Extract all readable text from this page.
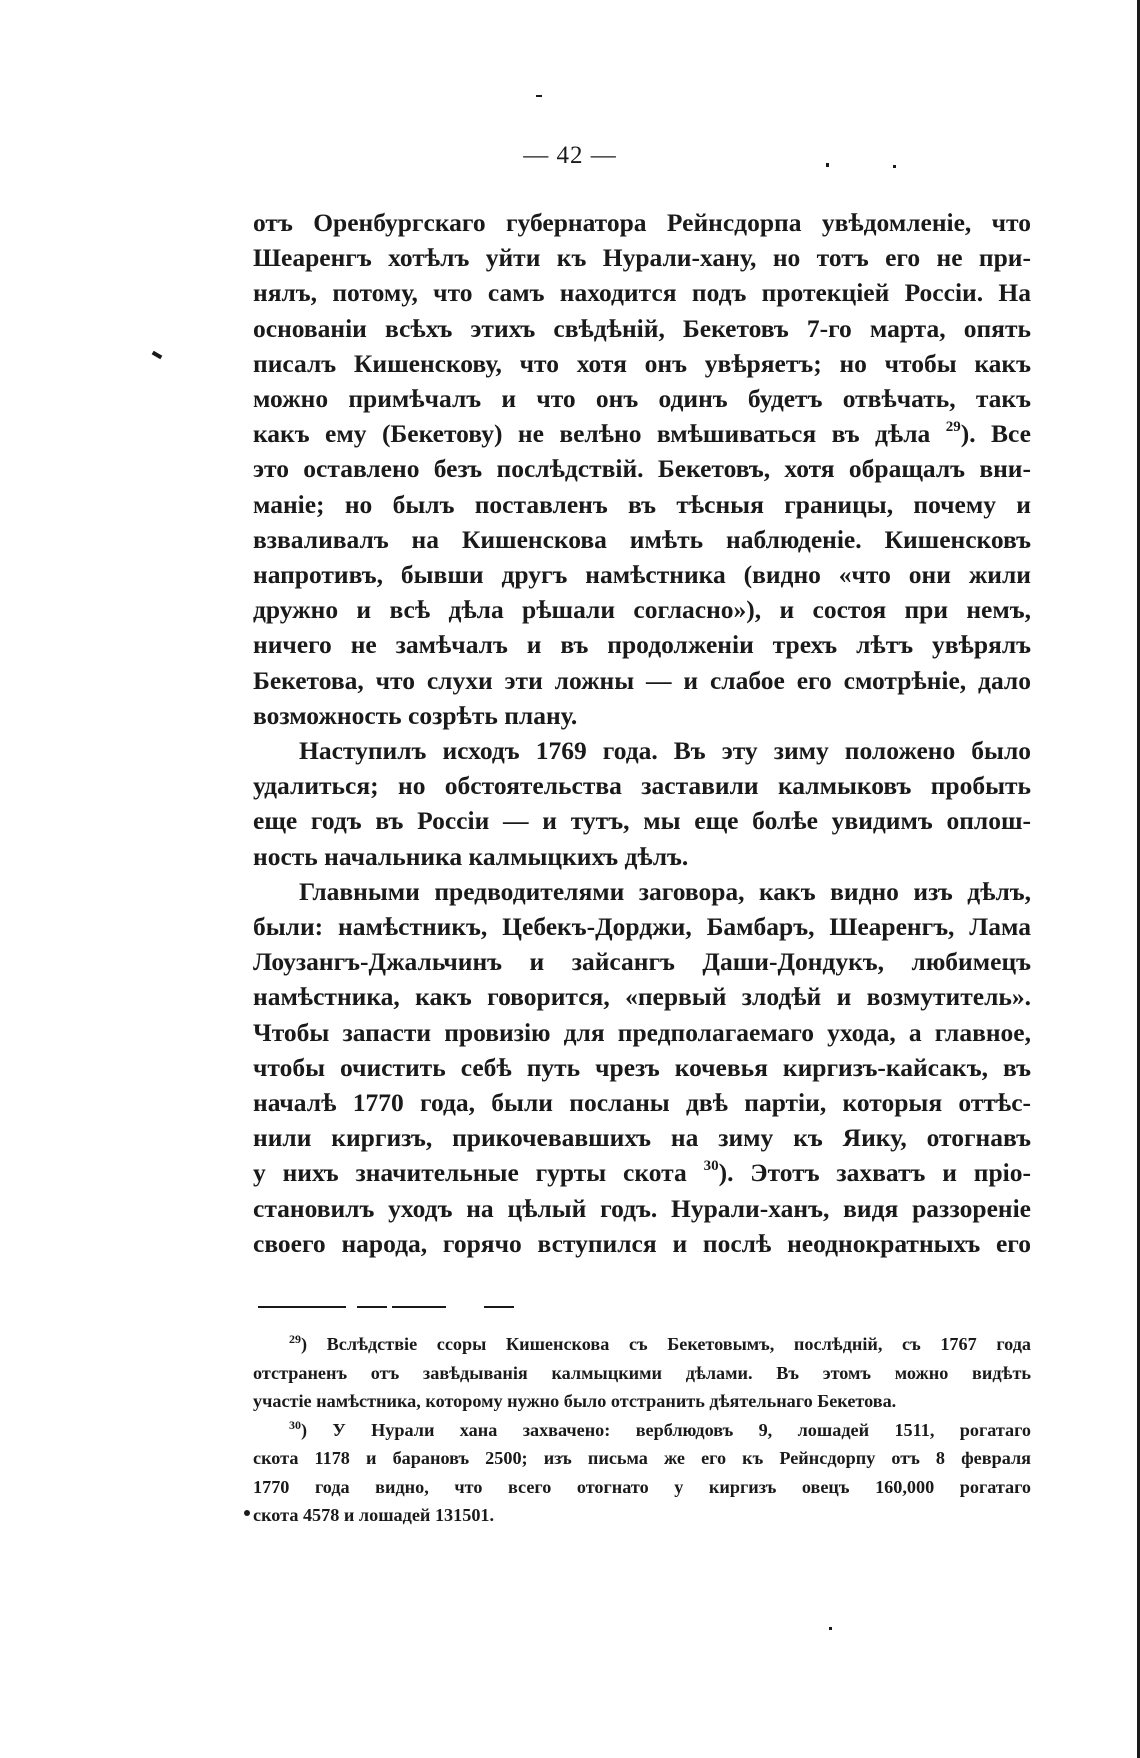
— 42 —
отъ Оренбургскаго губернатора Рейнсдорпа увѣдомленіе, что
Шеаренгъ хотѣлъ уйти къ Нурали-хану, но тотъ его не при-
нялъ, потому, что самъ находится подъ протекціей Россіи. На
основаніи всѣхъ этихъ свѣдѣній, Бекетовъ 7-го марта, опять
писалъ Кишенскову, что хотя онъ увѣряетъ; но чтобы какъ
можно примѣчалъ и что онъ одинъ будетъ отвѣчать, такъ
какъ ему (Бекетову) не велѣно вмѣшиваться въ дѣла $^{29}$). Все
это оставлено безъ послѣдствій. Бекетовъ, хотя обращалъ вни-
маніе; но былъ поставленъ въ тѣсныя границы, почему и
взваливалъ на Кишенскова имѣть наблюденіе. Кишенсковъ
напротивъ, бывши другъ намѣстника (видно «что они жили
дружно и всѣ дѣла рѣшали согласно»), и состоя при немъ,
ничего не замѣчалъ и въ продолженіи трехъ лѣтъ увѣрялъ
Бекетова, что слухи эти ложны — и слабое его смотрѣніе, дало
возможность созрѣть плану.
Наступилъ исходъ 1769 года. Въ эту зиму положено было
удалиться; но обстоятельства заставили калмыковъ пробыть
еще годъ въ Россіи — и тутъ, мы еще болѣе увидимъ оплош-
ность начальника калмыцкихъ дѣлъ.
Главными предводителями заговора, какъ видно изъ дѣлъ,
были: намѣстникъ, Цебекъ-Дорджи, Бамбаръ, Шеаренгъ, Лама
Лоузангъ-Джальчинъ и зайсангъ Даши-Дондукъ, любимецъ
намѣстника, какъ говорится, «первый злодѣй и возмутитель».
Чтобы запасти провизію для предполагаемаго ухода, а главное,
чтобы очистить себѣ путь чрезъ кочевья киргизъ-кайсакъ, въ
началѣ 1770 года, были посланы двѣ партіи, которыя оттѣс-
нили киргизъ, прикочевавшихъ на зиму къ Яику, отогнавъ
у нихъ значительные гурты скота $^{30}$). Этотъ захватъ и пріо-
становилъ уходъ на цѣлый годъ. Нурали-ханъ, видя раззореніе
своего народа, горячо вступился и послѣ неоднократныхъ его
$^{29}$) Вслѣдствіе ссоры Кишенскова съ Бекетовымъ, послѣдній, съ 1767 года
отстраненъ отъ завѣдыванія калмыцкими дѣлами. Въ этомъ можно видѣть
участіе намѣстника, которому нужно было отстранить дѣятельнаго Бекетова.
$^{30}$) У Нурали хана захвачено: верблюдовъ 9, лошадей 1511, рогатаго
скота 1178 и барановъ 2500; изъ письма же его къ Рейнсдорпу отъ 8 февраля
1770 года видно, что всего отогнато у киргизъ овецъ 160,000 рогатаго
скота 4578 и лошадей 131501.
